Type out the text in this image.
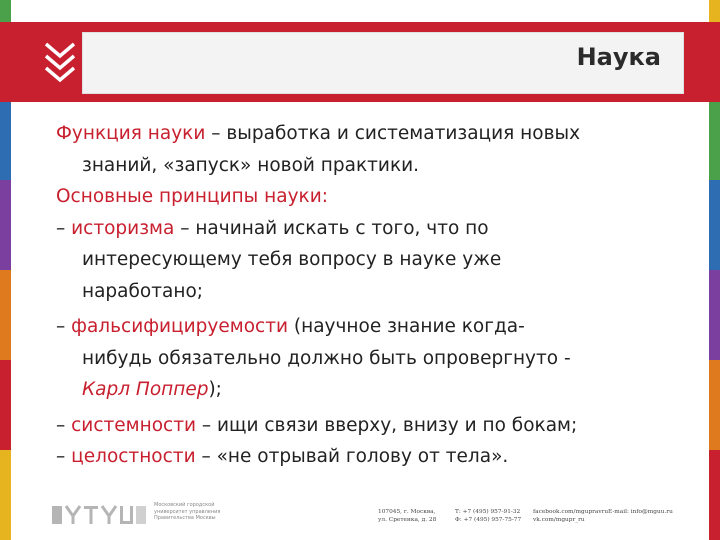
Наука

Функция науки – выработка и систематизация новых

знаний, «запуск» новой практики.

Основные принципы науки:

– историзма – начинай искать с того, что по

интересующему тебя вопросу в науке уже

наработано;

– фальсифицируемости (научное знание когда-

нибудь обязательно должно быть опровергнуто -

Карл Поппер);

– системности – ищи связи вверху, внизу и по бокам;

– целостности – «не отрывай голову от тела».

Московский городской
университет управления
Правительства Москвы
107045, г. Москва,
ул. Сретенка, д. 28
Т: +7 (495) 957-91-32
Ф: +7 (495) 957-75-77
facebook.com/mgupravru
vk.com/mgupr_ru
E-mail: info@mguu.ru
